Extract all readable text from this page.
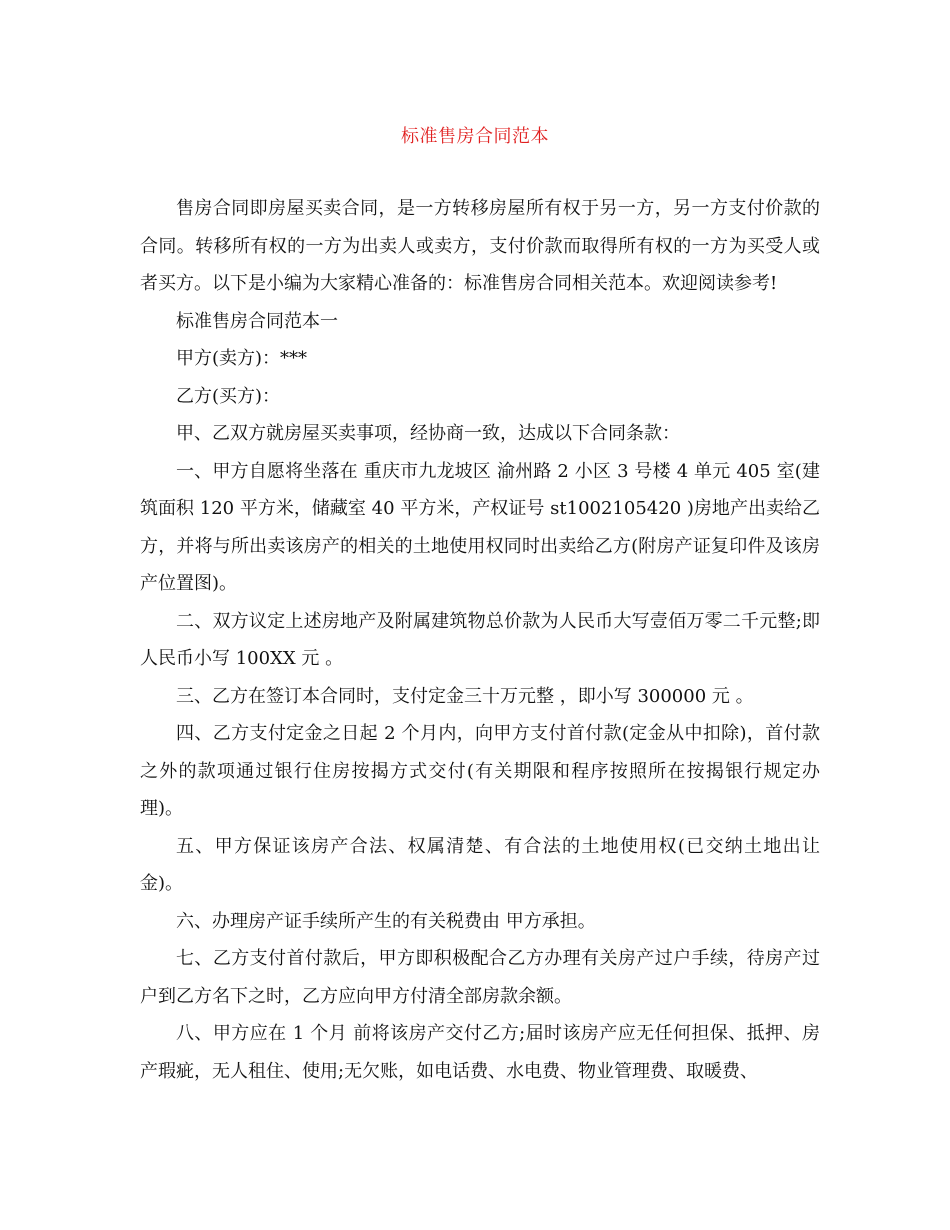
标准售房合同范本

售房合同即房屋买卖合同，是一方转移房屋所有权于另一方，另一方支付价款的合同。转移所有权的一方为出卖人或卖方，支付价款而取得所有权的一方为买受人或者买方。以下是小编为大家精心准备的：标准售房合同相关范本。欢迎阅读参考!

标准售房合同范本一

甲方(卖方)：***

乙方(买方)：

甲、乙双方就房屋买卖事项，经协商一致，达成以下合同条款：

一、甲方自愿将坐落在 重庆市九龙坡区 渝州路 2 小区 3 号楼 4 单元 405 室(建筑面积 120 平方米，储藏室 40 平方米，产权证号 st1002105420 )房地产出卖给乙方，并将与所出卖该房产的相关的土地使用权同时出卖给乙方(附房产证复印件及该房产位置图)。

二、双方议定上述房地产及附属建筑物总价款为人民币大写壹佰万零二千元整;即人民币小写 100XX 元 。

三、乙方在签订本合同时，支付定金三十万元整 ，即小写 300000 元 。

四、乙方支付定金之日起 2 个月内，向甲方支付首付款(定金从中扣除)，首付款之外的款项通过银行住房按揭方式交付(有关期限和程序按照所在按揭银行规定办理)。

五、甲方保证该房产合法、权属清楚、有合法的土地使用权(已交纳土地出让金)。

六、办理房产证手续所产生的有关税费由 甲方承担。

七、乙方支付首付款后，甲方即积极配合乙方办理有关房产过户手续，待房产过户到乙方名下之时，乙方应向甲方付清全部房款余额。

八、甲方应在 1 个月 前将该房产交付乙方;届时该房产应无任何担保、抵押、房产瑕疵，无人租住、使用;无欠账，如电话费、水电费、物业管理费、取暖费、
